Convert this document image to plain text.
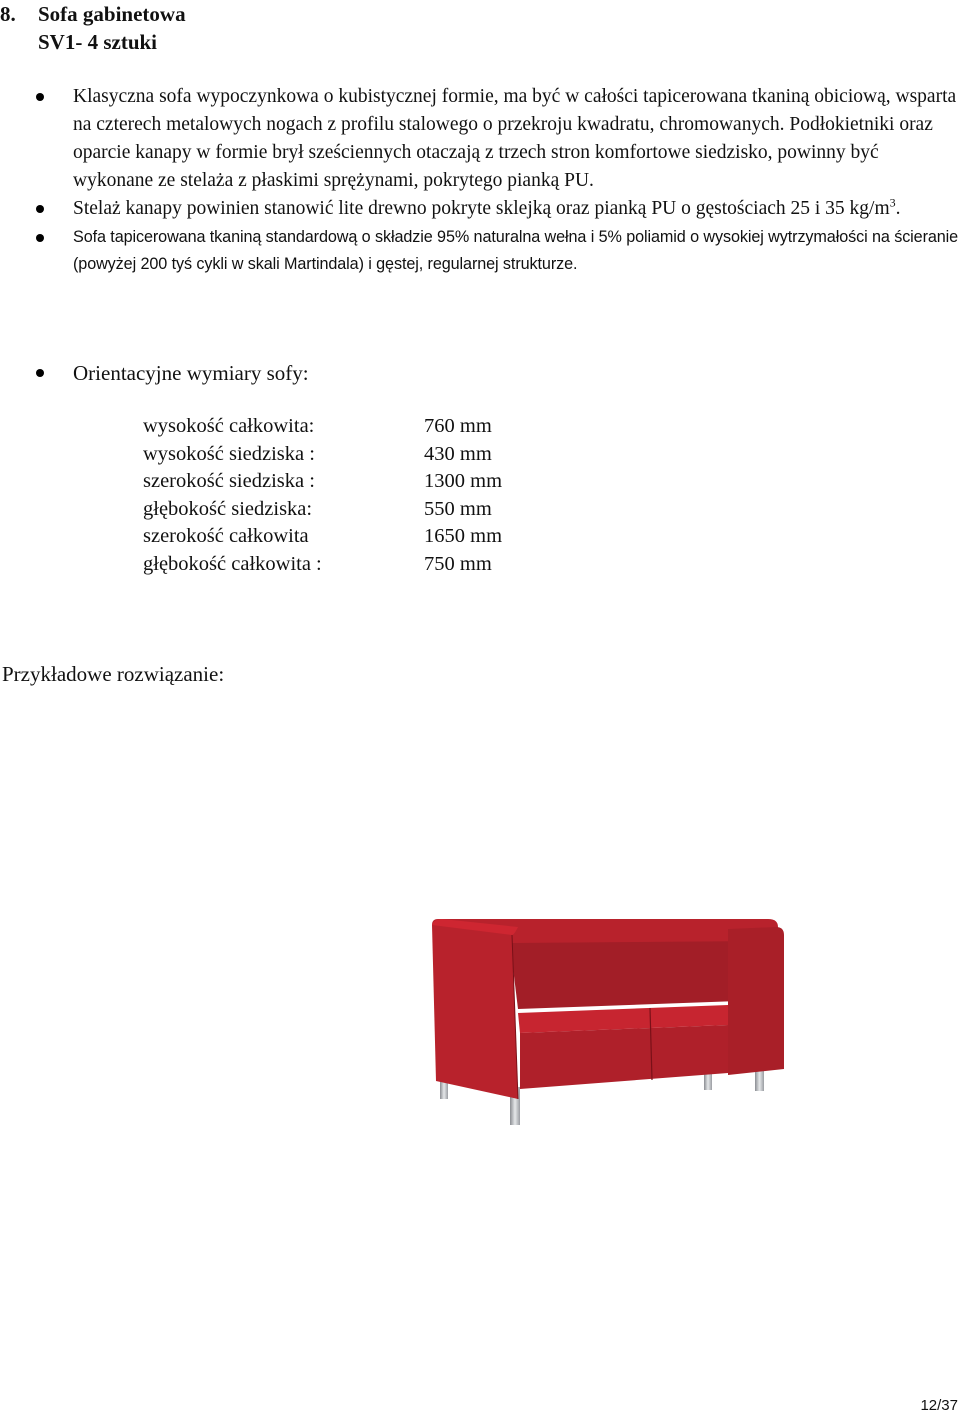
8. Sofa gabinetowa
SV1- 4 sztuki
Klasyczna sofa wypoczynkowa o kubistycznej formie, ma być w całości tapicerowana tkaniną obiciową, wsparta na czterech metalowych nogach z profilu stalowego o przekroju kwadratu, chromowanych. Podłokietniki oraz oparcie kanapy w formie brył sześciennych otaczają z trzech stron komfortowe siedzisko, powinny być wykonane ze stelaża z płaskimi sprężynami, pokrytego pianką PU.
Stelaż kanapy powinien stanowić lite drewno pokryte sklejką oraz pianką PU o gęstościach 25 i 35 $kg/m^3$.
Sofa tapicerowana tkaniną standardową o składzie 95% naturalna wełna i 5% poliamid o wysokiej wytrzymałości na ścieranie (powyżej 200 tyś cykli w skali Martindala) i gęstej, regularnej strukturze.
Orientacyjne wymiary sofy:
wysokość całkowita:	760 mm
wysokość siedziska :	430 mm
szerokość siedziska :	1300 mm
głębokość siedziska:	550 mm
szerokość całkowita	1650 mm
głębokość całkowita :	750 mm
Przykładowe rozwiązanie:
12/37
